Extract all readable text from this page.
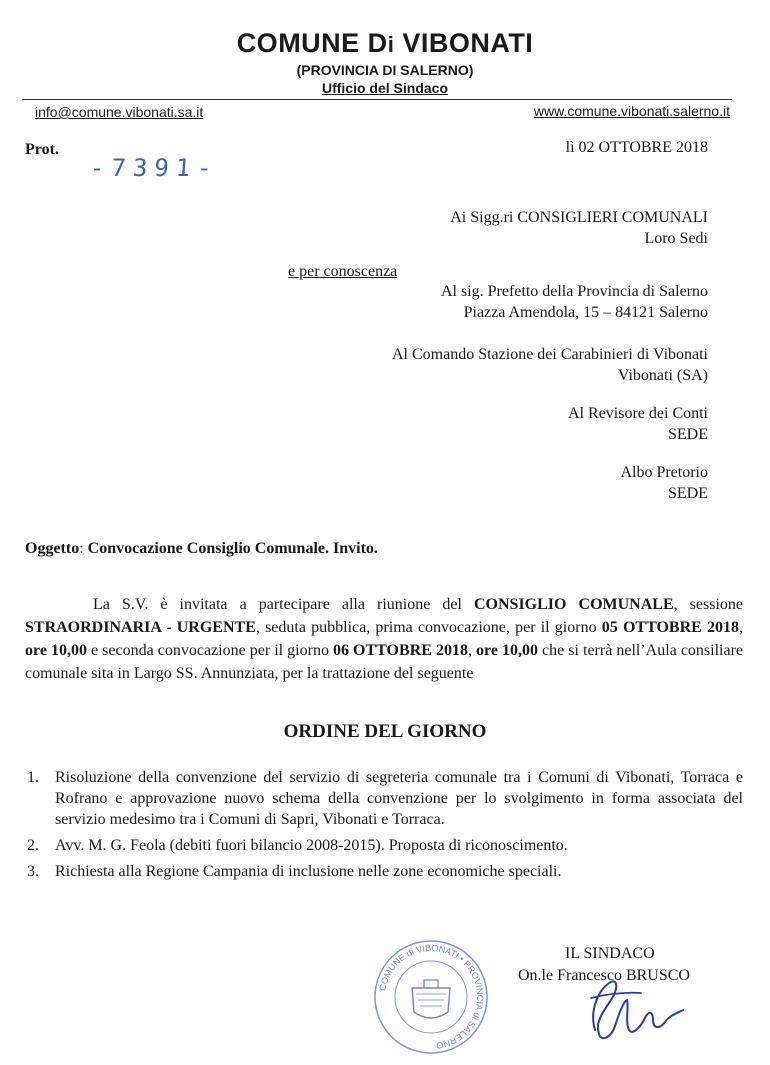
COMUNE Di VIBONATI
(PROVINCIA DI SALERNO)
Ufficio del Sindaco
info@comune.vibonati.sa.it	www.comune.vibonati.salerno.it
Prot.
-7391-
lì 02 OTTOBRE 2018
Ai Sigg.ri CONSIGLIERI COMUNALI
Loro Sedi
e per conoscenza
Al sig. Prefetto della Provincia di Salerno
Piazza Amendola, 15 – 84121 Salerno
Al Comando Stazione dei Carabinieri di Vibonati
Vibonati (SA)
Al Revisore dei Conti
SEDE
Albo Pretorio
SEDE
Oggetto: Convocazione Consiglio Comunale. Invito.
La S.V. è invitata a partecipare alla riunione del CONSIGLIO COMUNALE, sessione STRAORDINARIA - URGENTE, seduta pubblica, prima convocazione, per il giorno 05 OTTOBRE 2018, ore 10,00 e seconda convocazione per il giorno 06 OTTOBRE 2018, ore 10,00 che si terrà nell’Aula consiliare comunale sita in Largo SS. Annunziata, per la trattazione del seguente
ORDINE DEL GIORNO
1. Risoluzione della convenzione del servizio di segreteria comunale tra i Comuni di Vibonati, Torraca e Rofrano e approvazione nuovo schema della convenzione per lo svolgimento in forma associata del servizio medesimo tra i Comuni di Sapri, Vibonati e Torraca.
2. Avv. M. G. Feola (debiti fuori bilancio 2008-2015). Proposta di riconoscimento.
3. Richiesta alla Regione Campania di inclusione nelle zone economiche speciali.
COMUNE di VIBONATI • PROVINCIA di SALERNO
IL SINDACO
On.le Francesco BRUSCO
